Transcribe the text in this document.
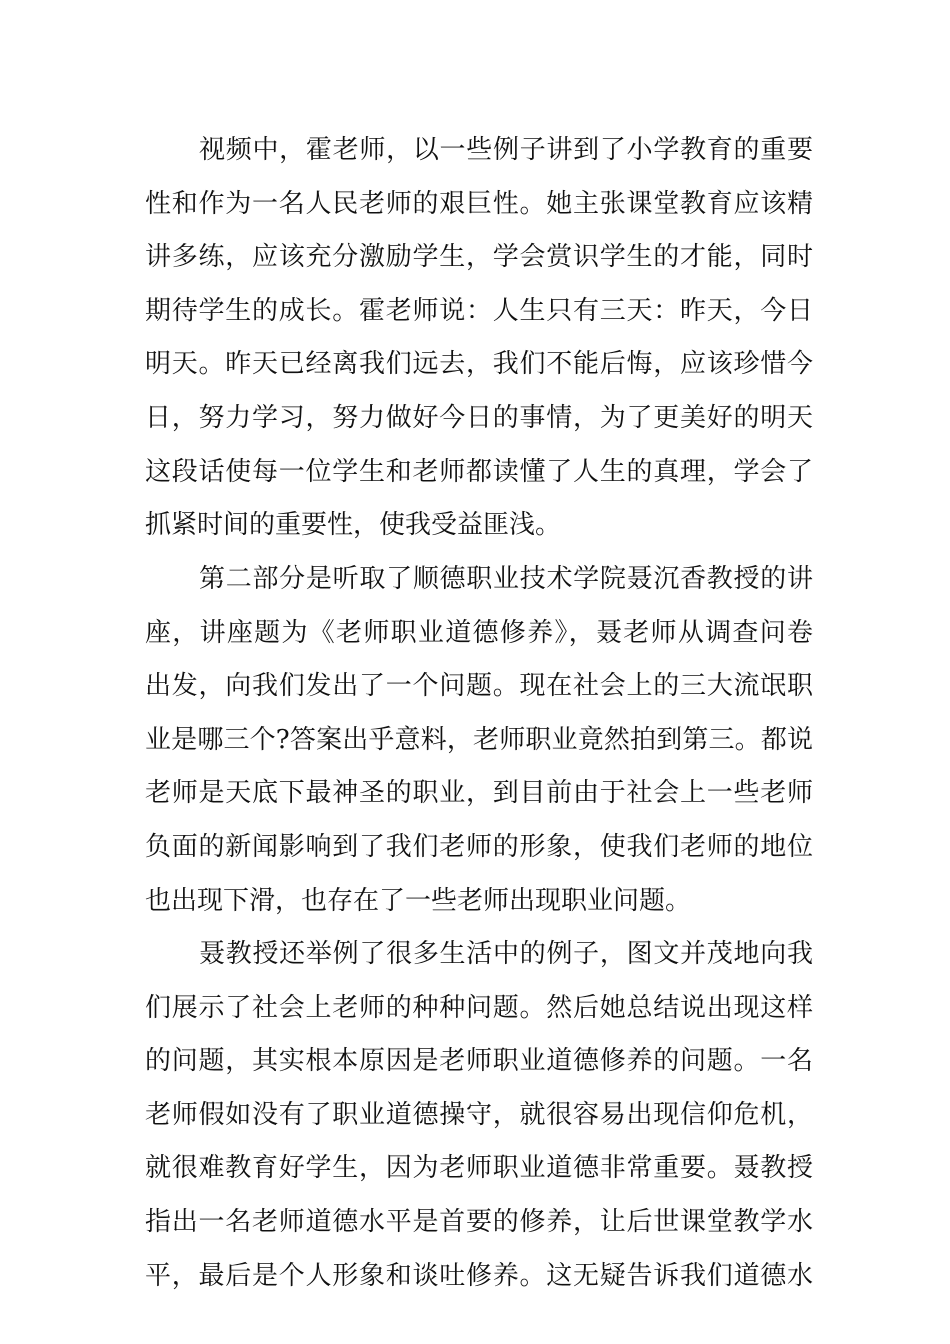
视频中，霍老师，以一些例子讲到了小学教育的重要
性和作为一名人民老师的艰巨性。她主张课堂教育应该精
讲多练，应该充分激励学生，学会赏识学生的才能，同时
期待学生的成长。霍老师说：人生只有三天：昨天，今日
明天。昨天已经离我们远去，我们不能后悔，应该珍惜今
日，努力学习，努力做好今日的事情，为了更美好的明天
这段话使每一位学生和老师都读懂了人生的真理，学会了
抓紧时间的重要性，使我受益匪浅。
第二部分是听取了顺德职业技术学院聂沉香教授的讲
座，讲座题为《老师职业道德修养》，聂老师从调查问卷
出发，向我们发出了一个问题。现在社会上的三大流氓职
业是哪三个?答案出乎意料，老师职业竟然拍到第三。都说
老师是天底下最神圣的职业，到目前由于社会上一些老师
负面的新闻影响到了我们老师的形象，使我们老师的地位
也出现下滑，也存在了一些老师出现职业问题。
聂教授还举例了很多生活中的例子，图文并茂地向我
们展示了社会上老师的种种问题。然后她总结说出现这样
的问题，其实根本原因是老师职业道德修养的问题。一名
老师假如没有了职业道德操守，就很容易出现信仰危机，
就很难教育好学生，因为老师职业道德非常重要。聂教授
指出一名老师道德水平是首要的修养，让后世课堂教学水
平，最后是个人形象和谈吐修养。这无疑告诉我们道德水
